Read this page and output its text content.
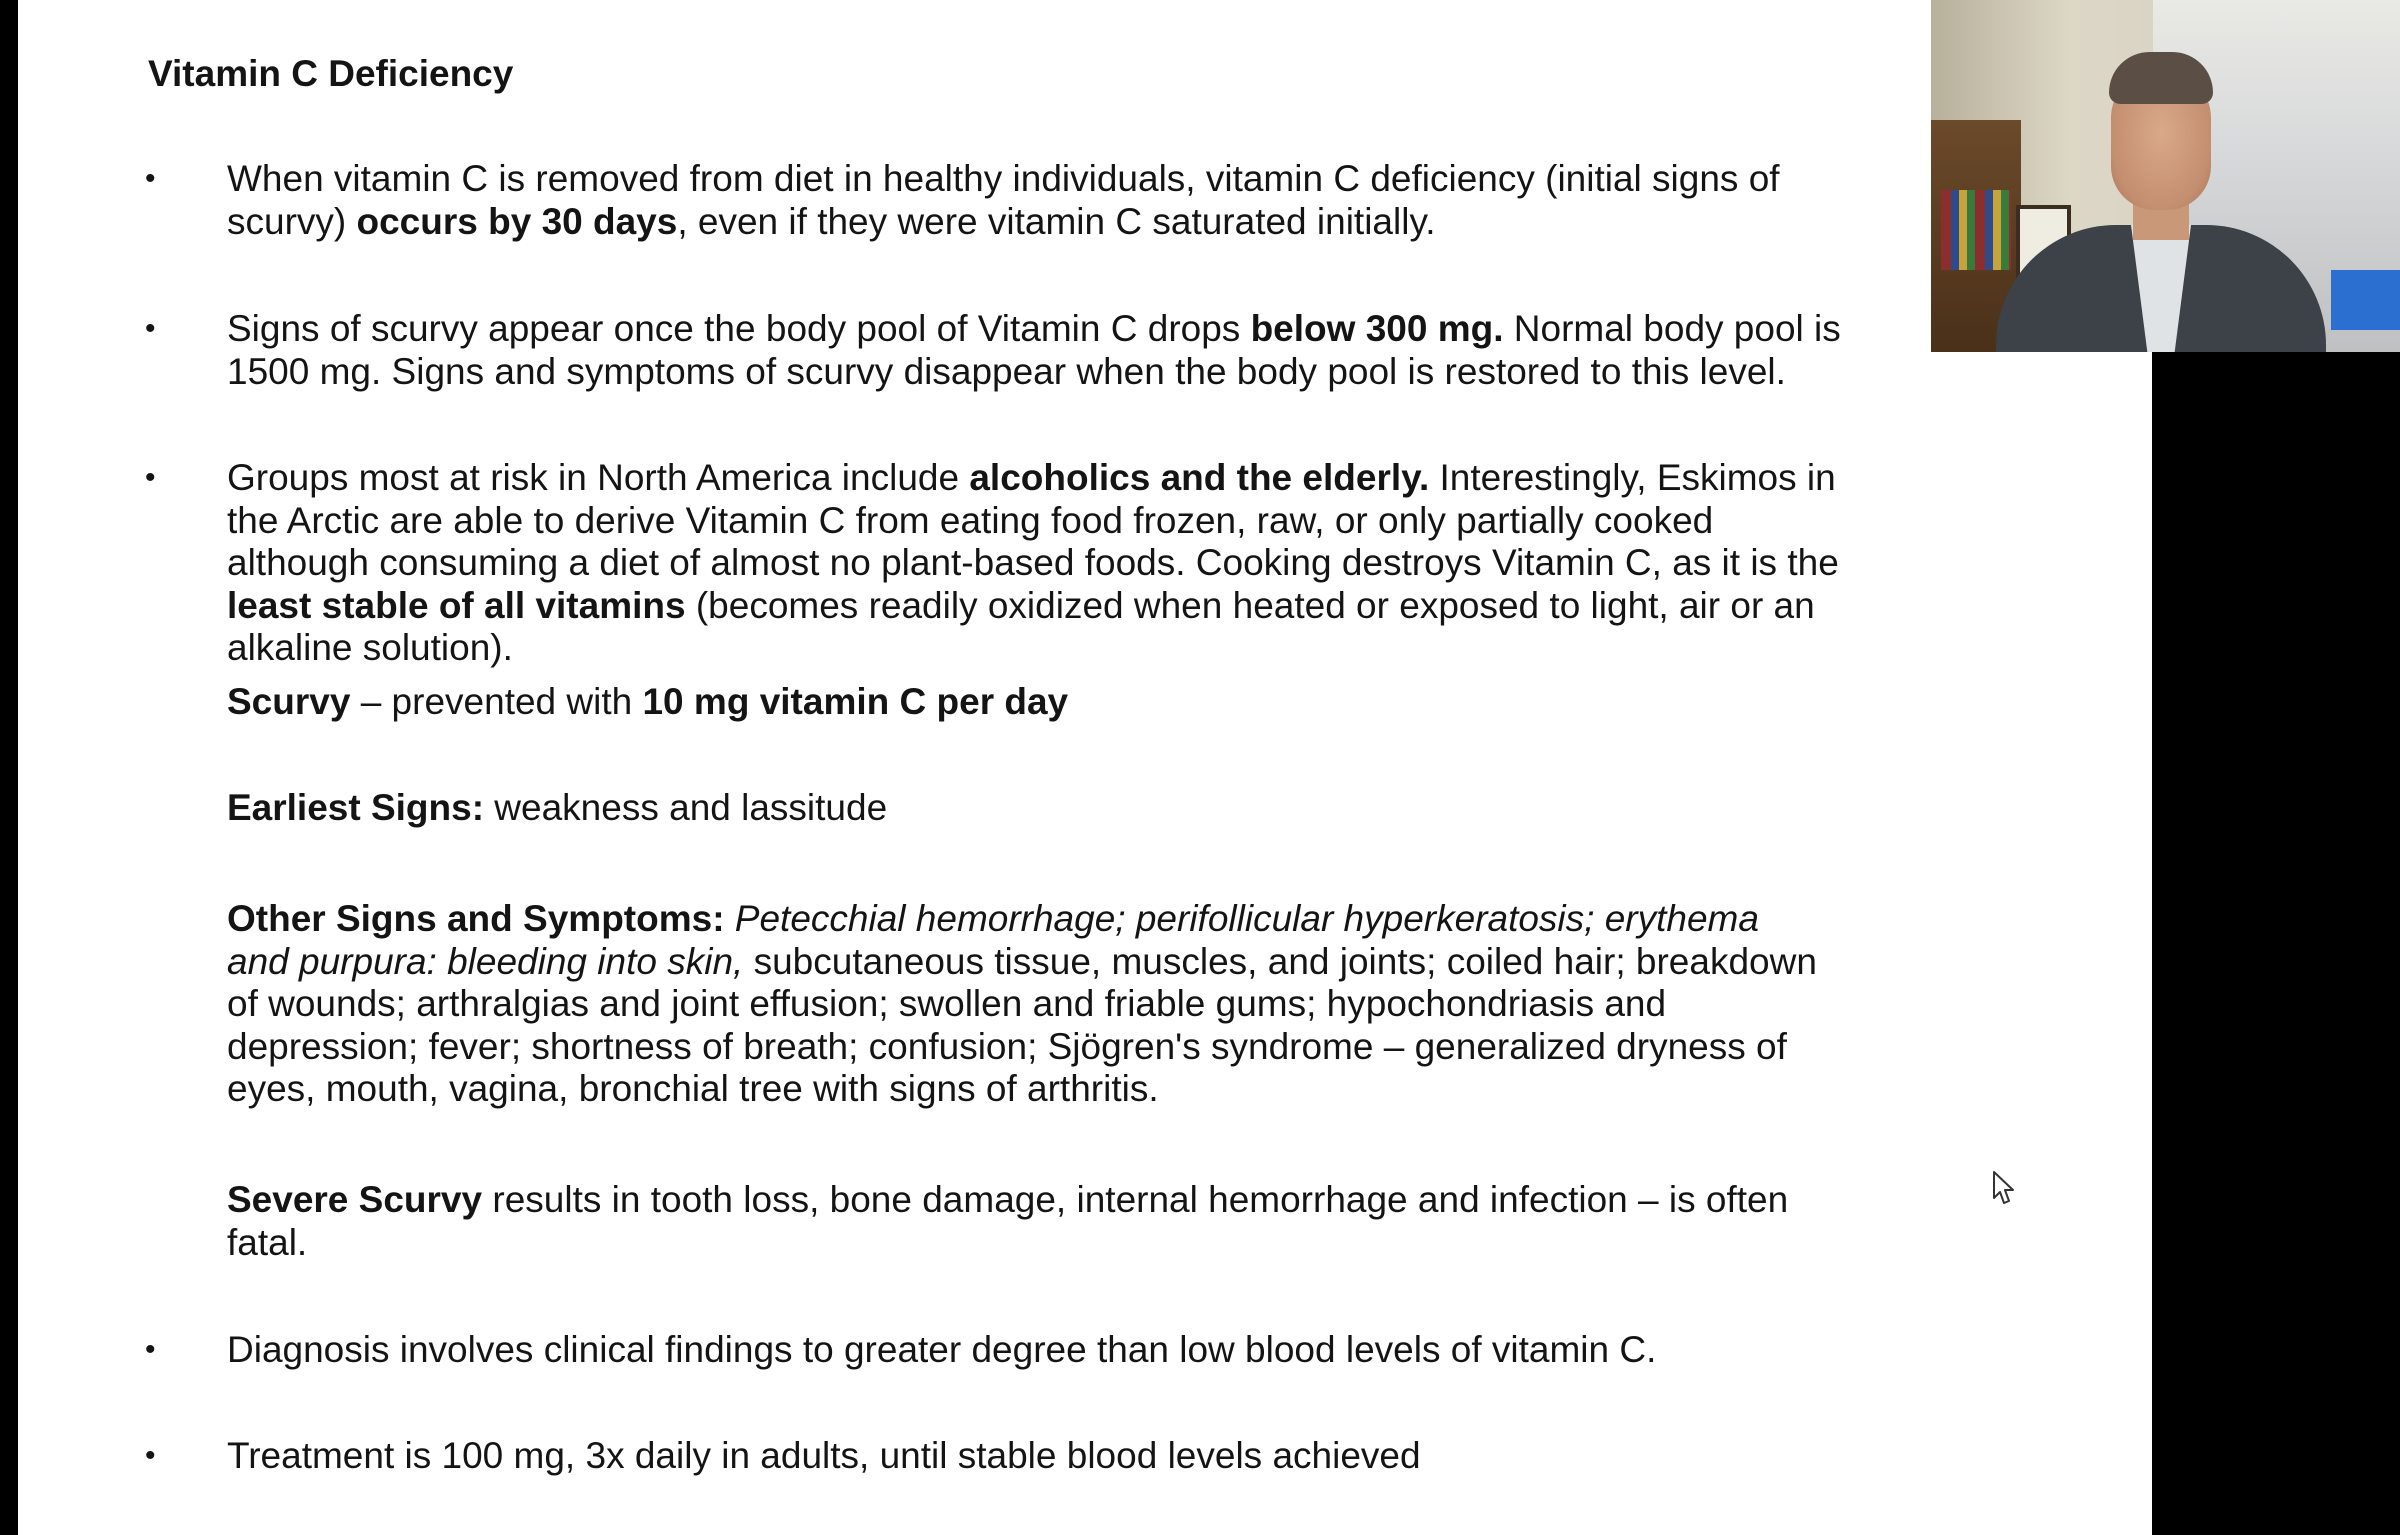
Vitamin C Deficiency
• When vitamin C is removed from diet in healthy individuals, vitamin C deficiency (initial signs of
scurvy) occurs by 30 days, even if they were vitamin C saturated initially.
• Signs of scurvy appear once the body pool of Vitamin C drops below 300 mg. Normal body pool is
1500 mg. Signs and symptoms of scurvy disappear when the body pool is restored to this level.
• Groups most at risk in North America include alcoholics and the elderly. Interestingly, Eskimos in
the Arctic are able to derive Vitamin C from eating food frozen, raw, or only partially cooked
although consuming a diet of almost no plant-based foods. Cooking destroys Vitamin C, as it is the
least stable of all vitamins (becomes readily oxidized when heated or exposed to light, air or an
alkaline solution).
Scurvy – prevented with 10 mg vitamin C per day
Earliest Signs: weakness and lassitude
Other Signs and Symptoms: Petecchial hemorrhage; perifollicular hyperkeratosis; erythema
and purpura: bleeding into skin, subcutaneous tissue, muscles, and joints; coiled hair; breakdown
of wounds; arthralgias and joint effusion; swollen and friable gums; hypochondriasis and
depression; fever; shortness of breath; confusion; Sjögren's syndrome – generalized dryness of
eyes, mouth, vagina, bronchial tree with signs of arthritis.
Severe Scurvy results in tooth loss, bone damage, internal hemorrhage and infection – is often
fatal.
• Diagnosis involves clinical findings to greater degree than low blood levels of vitamin C.
• Treatment is 100 mg, 3x daily in adults, until stable blood levels achieved
